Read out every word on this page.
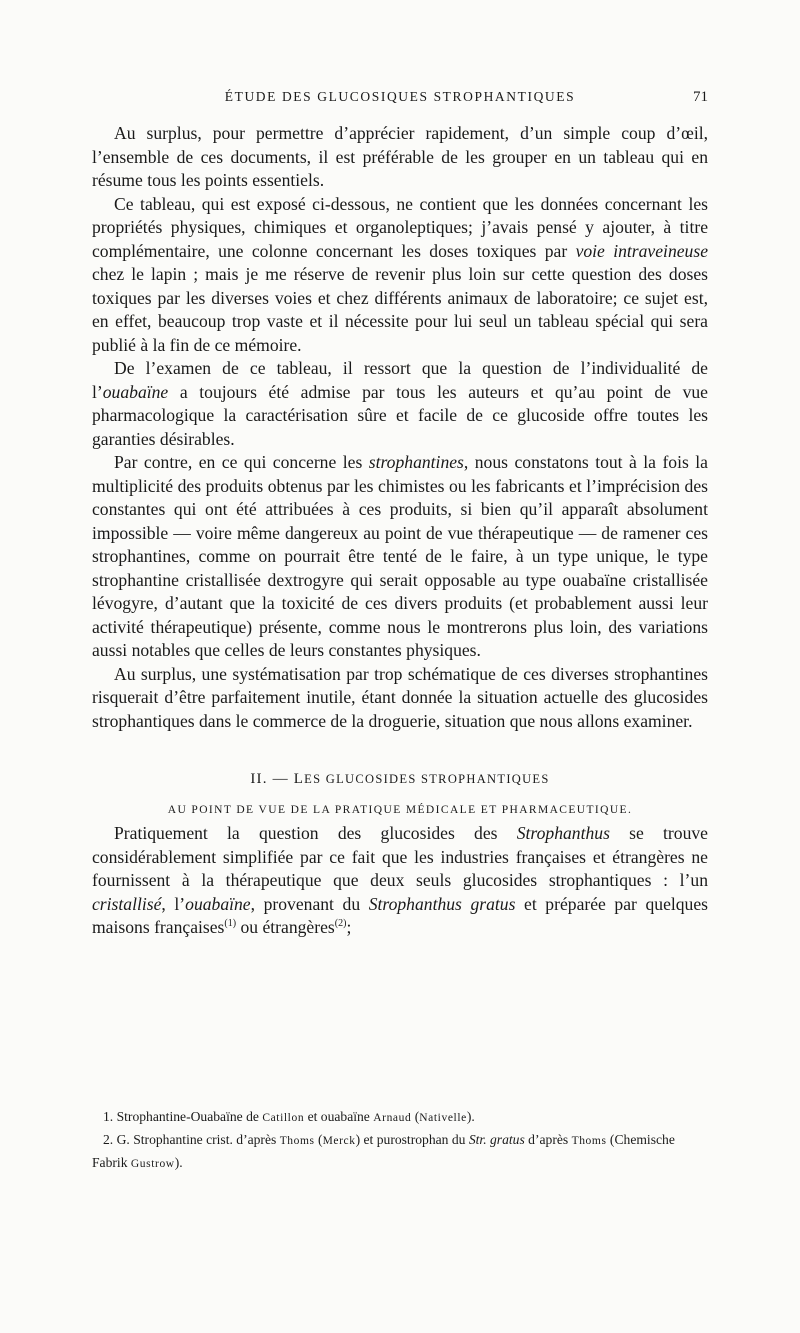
ÉTUDE DES GLUCOSIQUES STROPHANTIQUES	71

Au surplus, pour permettre d’apprécier rapidement, d’un simple coup d’œil, l’ensemble de ces documents, il est préférable de les grouper en un tableau qui en résume tous les points essentiels.

Ce tableau, qui est exposé ci-dessous, ne contient que les données concernant les propriétés physiques, chimiques et organoleptiques; j’avais pensé y ajouter, à titre complémentaire, une colonne concernant les doses toxiques par voie intraveineuse chez le lapin ; mais je me réserve de revenir plus loin sur cette question des doses toxiques par les diverses voies et chez différents animaux de laboratoire; ce sujet est, en effet, beaucoup trop vaste et il nécessite pour lui seul un tableau spécial qui sera publié à la fin de ce mémoire.

De l’examen de ce tableau, il ressort que la question de l’individualité de l’ouabaïne a toujours été admise par tous les auteurs et qu’au point de vue pharmacologique la caractérisation sûre et facile de ce glucoside offre toutes les garanties désirables.

Par contre, en ce qui concerne les strophantines, nous constatons tout à la fois la multiplicité des produits obtenus par les chimistes ou les fabricants et l’imprécision des constantes qui ont été attribuées à ces produits, si bien qu’il apparaît absolument impossible — voire même dangereux au point de vue thérapeutique — de ramener ces strophantines, comme on pourrait être tenté de le faire, à un type unique, le type strophantine cristallisée dextrogyre qui serait opposable au type ouabaïne cristallisée lévogyre, d’autant que la toxicité de ces divers produits (et probablement aussi leur activité thérapeutique) présente, comme nous le montrerons plus loin, des variations aussi notables que celles de leurs constantes physiques.

Au surplus, une systématisation par trop schématique de ces diverses strophantines risquerait d’être parfaitement inutile, étant donnée la situation actuelle des glucosides strophantiques dans le commerce de la droguerie, situation que nous allons examiner.

II. — LES GLUCOSIDES STROPHANTIQUES
AU POINT DE VUE DE LA PRATIQUE MÉDICALE ET PHARMACEUTIQUE.

Pratiquement la question des glucosides des Strophanthus se trouve considérablement simplifiée par ce fait que les industries françaises et étrangères ne fournissent à la thérapeutique que deux seuls glucosides strophantiques : l’un cristallisé, l’ouabaïne, provenant du Strophanthus gratus et préparée par quelques maisons françaises$^{(1)}$ ou étrangères$^{(2)}$;

1. Strophantine-Ouabaïne de Catillon et ouabaïne Arnaud (Nativelle).

2. G. Strophantine crist. d’après Thoms (Merck) et purostrophan du Str. gratus d’après Thoms (Chemische Fabrik Gustrow).
